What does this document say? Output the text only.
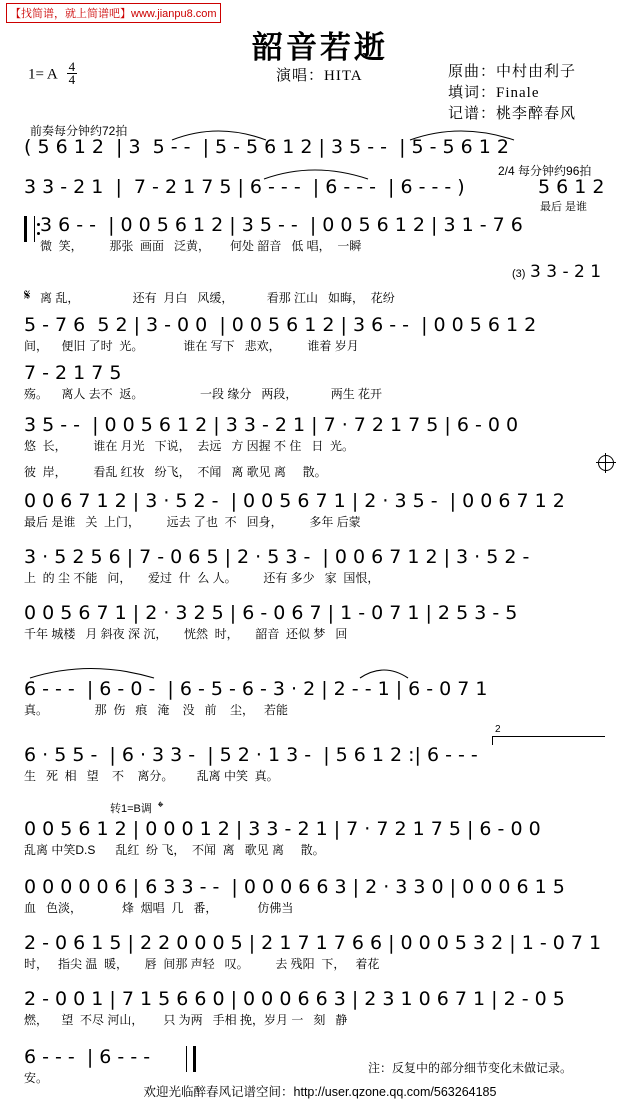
【找简谱，就上简谱吧】www.jianpu8.com
韶音若逝
1= A $\frac{4}{4}$	演唱：HITA	原曲：中村由利子
填词：Finale
记谱：桃李醉春风
前奏每分钟约72拍
( 5 6 1 2  | 3  5 - -  | 5 - 5 6 1 2 | 3 5 - -  | 5 - 5 6 1 2
2/4 每分钟约96拍
3 3 - 2 1  |  7 - 2 1 7 5 | 6 - - -  | 6 - - -  | 6 - - - )	5 6 1 2
最后 是谁
3 6 - -  | 0 0 5 6 1 2 | 3 5 - -  | 0 0 5 6 1 2 | 3 1 - 7 6
微  笑，        那张  画面   泛黄，      何处 韶音   低 唱，  一瞬
(3) 3 3 - 2 1
离 乱，                还有  月白   风缓，          看那 江山   如晦，  花纷
𝄋
5 - 7 6  5 2 | 3 - 0 0  | 0 0 5 6 1 2 | 3 6 - -  | 0 0 5 6 1 2
间，    便旧 了时  光。            谁在 写下   悲欢，        谁着 岁月
7 - 2 1 7 5
殇。    离人 去不  返。                 一段 缘分   两段，          两生 花开
3 5 - -  | 0 0 5 6 1 2 | 3 3 - 2 1 | 7 · 7 2 1 7 5 | 6 - 0 0
悠  长，        谁在 月光   下说，  去远   方 因握 不 住   日  光。
彼  岸，        看乱 红妆   纷飞，  不闻   离 歌见 离     散。
0 0 6 7 1 2 | 3 · 5 2 -  | 0 0 5 6 7 1 | 2 · 3 5 -  | 0 0 6 7 1 2
最后 是谁   关  上门，        远去 了也  不   回身，        多年 后蒙
3 · 5 2 5 6 | 7 - 0 6 5 | 2 · 5 3 -  | 0 0 6 7 1 2 | 3 · 5 2 -
上  的 尘 不能   问，     爱过  什  么 人。        还有 多少   家  国恨，
0 0 5 6 7 1 | 2 · 3 2 5 | 6 - 0 6 7 | 1 - 0 7 1 | 2 5 3 - 5
千年 城楼   月 斜夜 深 沉，     恍然  时，     韶音  还似 梦   回
6 - - -  | 6 - 0 -  | 6 - 5 - 6 - 3 · 2 | 2 - - 1 | 6 - 0 7 1
真。              那  伤   痕   淹    没   前    尘，   若能
2
6 · 5 5 -  | 6 · 3 3 -  | 5 2 · 1 3 -  | 5 6 1 2 :| 6 - - -
生   死  相   望    不    离分。       乱离 中笑  真。
转1=B调 𝄌
0 0 5 6 1 2 | 0 0 0 1 2 | 3 3 - 2 1 | 7 · 7 2 1 7 5 | 6 - 0 0
乱离 中笑D.S      乱红  纷 飞，  不闻  离   歌见 离     散。
0 0 0 0 0 6 | 6 3 3 - -  | 0 0 0 6 6 3 | 2 · 3 3 0 | 0 0 0 6 1 5
血   色淡，            烽  烟唱  几   番，            仿佛当
2 - 0 6 1 5 | 2 2 0 0 0 5 | 2 1 7 1 7 6 6 | 0 0 0 5 3 2 | 1 - 0 7 1
时，   指尖 温  暖，     唇  间那 声轻   叹。        去 残阳  下，   着花
2 - 0 0 1 | 7 1 5 6 6 0 | 0 0 0 6 6 3 | 2 3 1 0 6 7 1 | 2 - 0 5
燃，    望  不尽 河山，      只 为两   手相 挽，岁月 一   刻   静
6 - - -  | 6 - - -
安。
注：反复中的部分细节变化未做记录。
欢迎光临醉春风记谱空间：http://user.qzone.qq.com/563264185
